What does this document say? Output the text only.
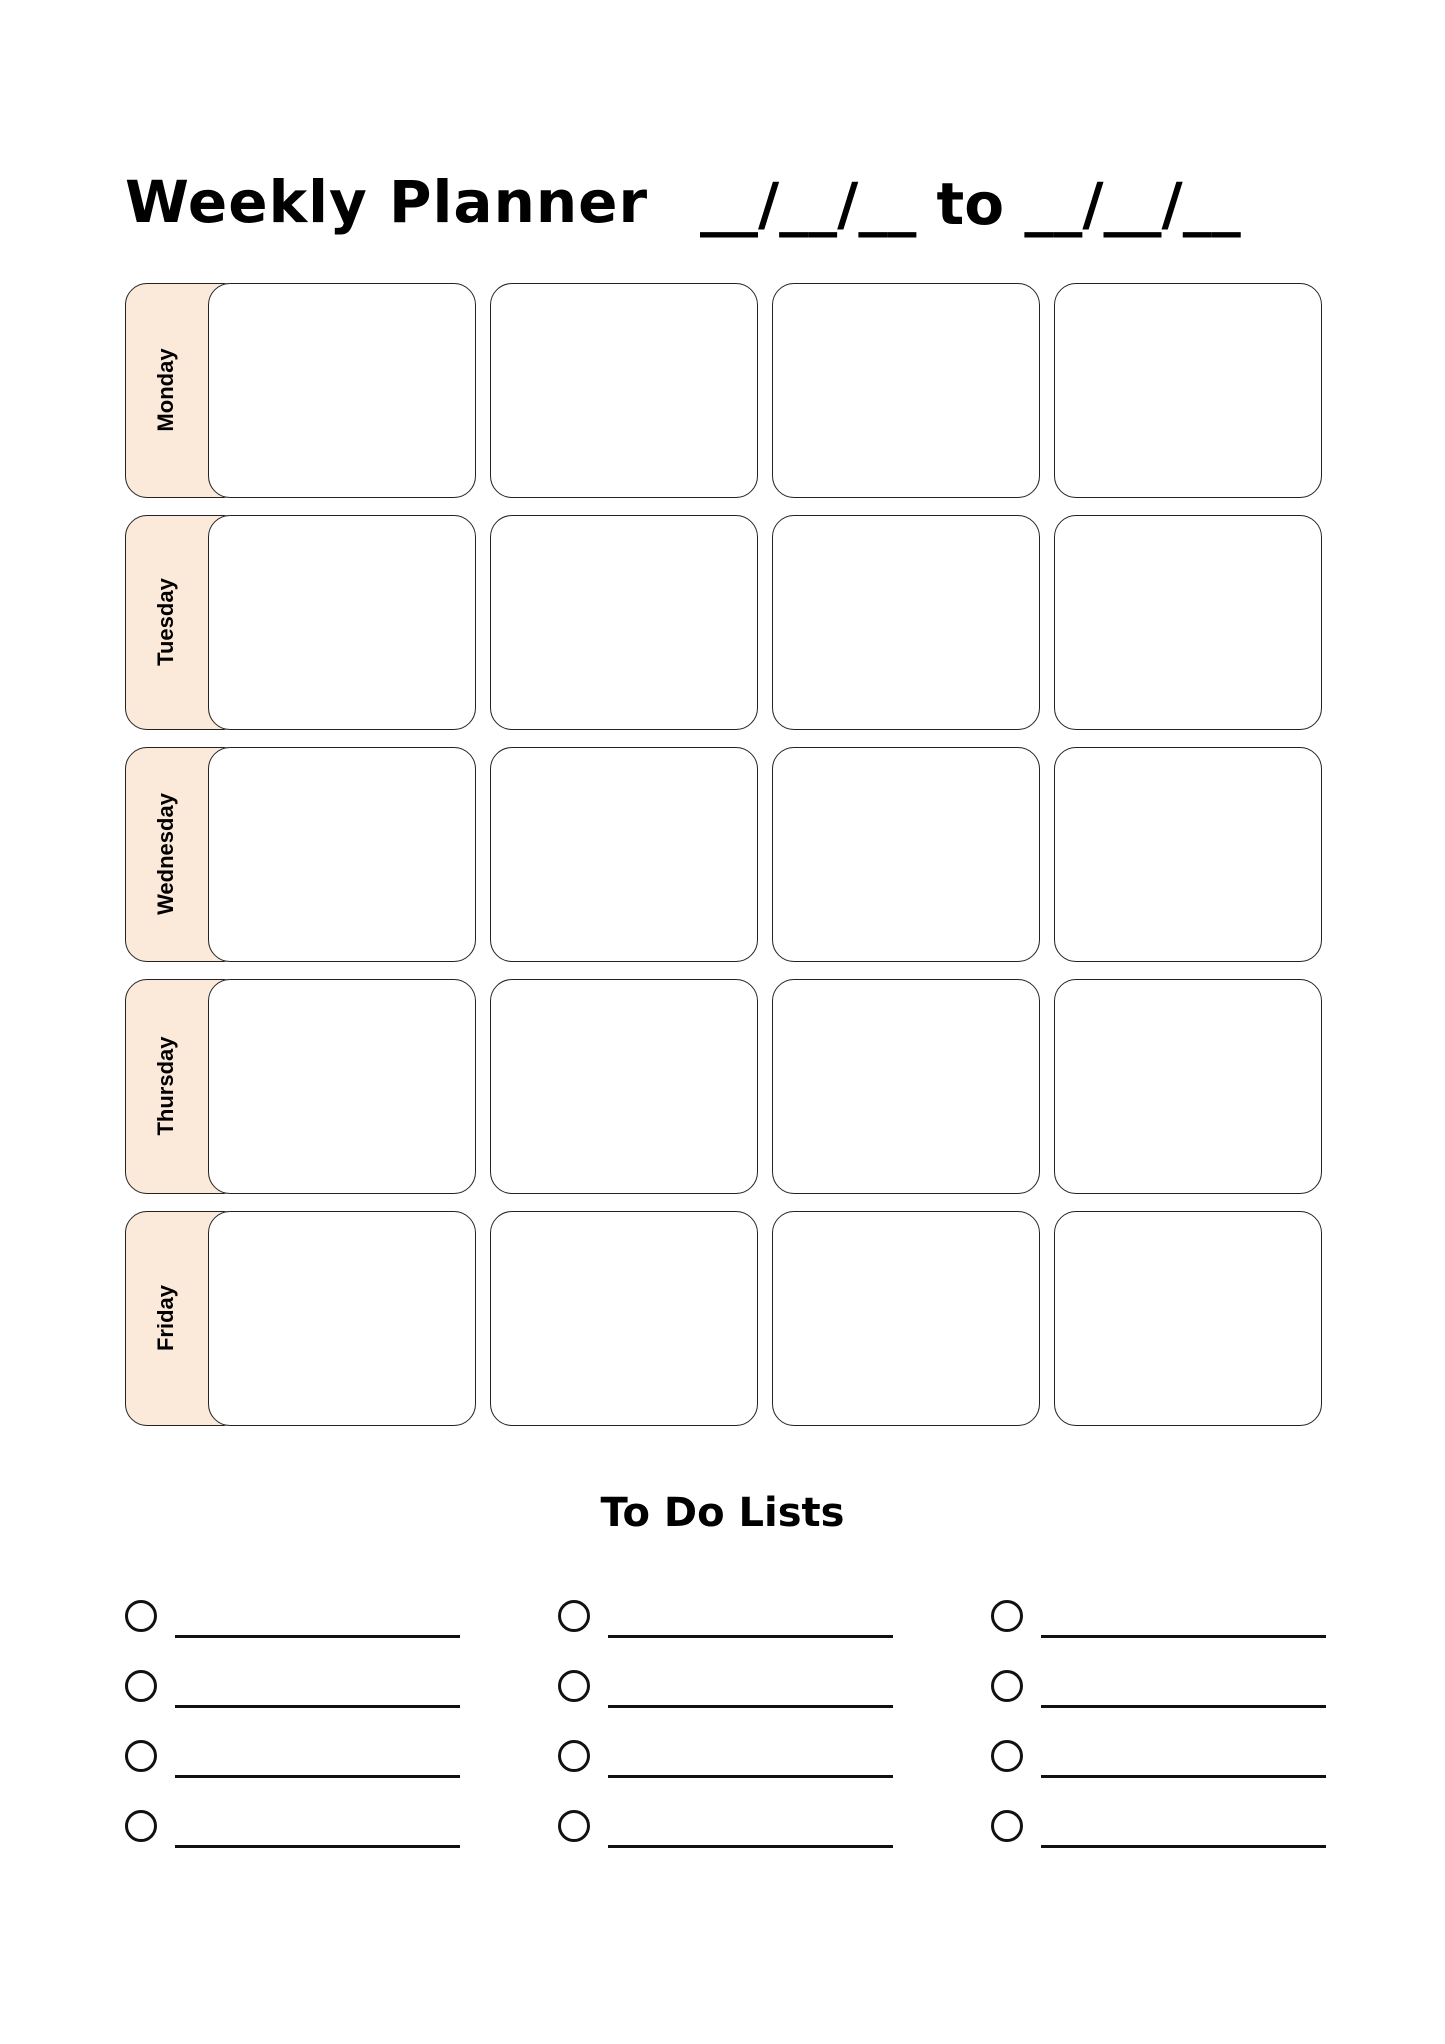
Weekly Planner __/__/__ to __/__/__
Monday
Tuesday
Wednesday
Thursday
Friday
To Do Lists
